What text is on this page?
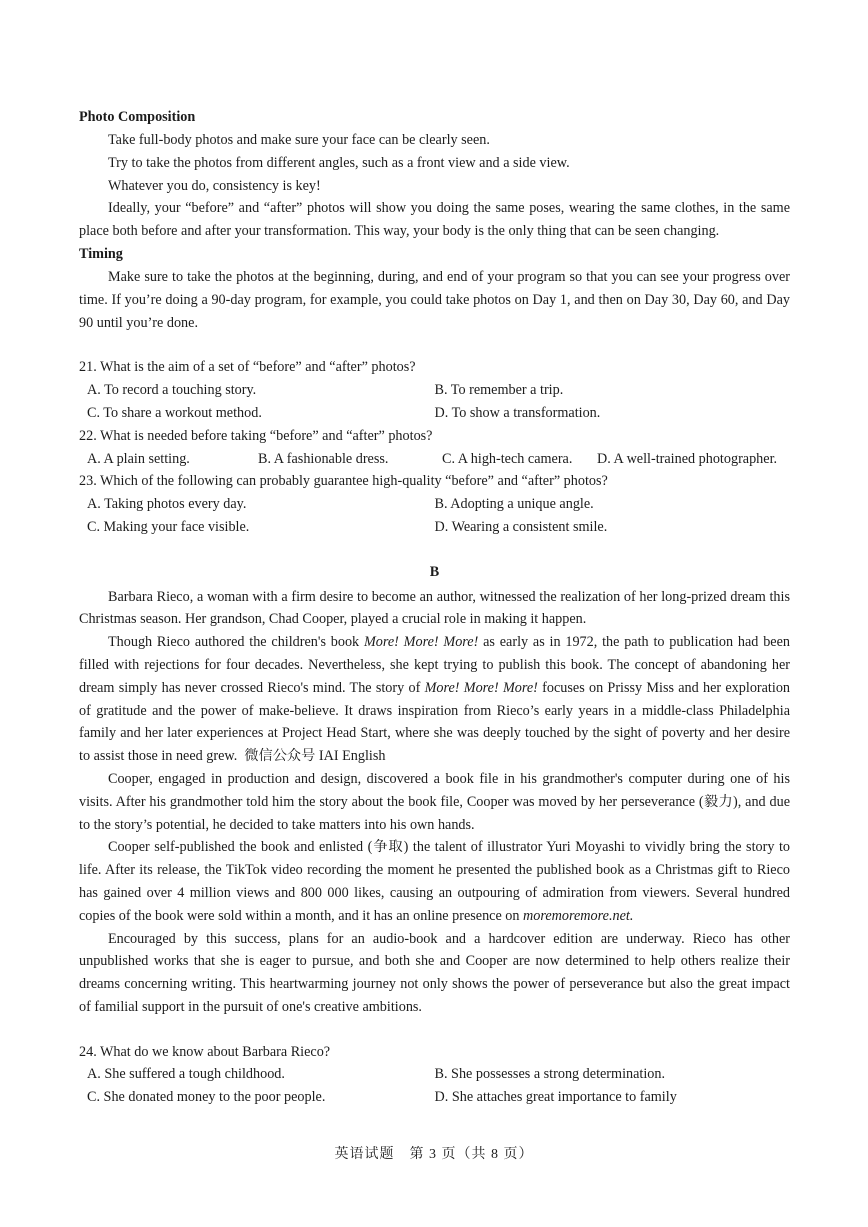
Photo Composition

Take full-body photos and make sure your face can be clearly seen.

Try to take the photos from different angles, such as a front view and a side view.

Whatever you do, consistency is key!

Ideally, your “before” and “after” photos will show you doing the same poses, wearing the same clothes, in the same place both before and after your transformation. This way, your body is the only thing that can be seen changing.

Timing

Make sure to take the photos at the beginning, during, and end of your program so that you can see your progress over time. If you’re doing a 90-day program, for example, you could take photos on Day 1, and then on Day 30, Day 60, and Day 90 until you’re done.

21. What is the aim of a set of “before” and “after” photos?

A. To record a touching story.	B. To remember a trip.
C. To share a workout method.	D. To show a transformation.

22. What is needed before taking “before” and “after” photos?

A. A plain setting.	B. A fashionable dress.	C. A high-tech camera.	D. A well-trained photographer.

23. Which of the following can probably guarantee high-quality “before” and “after” photos?

A. Taking photos every day.	B. Adopting a unique angle.
C. Making your face visible.	D. Wearing a consistent smile.

B

Barbara Rieco, a woman with a firm desire to become an author, witnessed the realization of her long-prized dream this Christmas season. Her grandson, Chad Cooper, played a crucial role in making it happen.

Though Rieco authored the children's book More! More! More! as early as in 1972, the path to publication had been filled with rejections for four decades. Nevertheless, she kept trying to publish this book. The concept of abandoning her dream simply has never crossed Rieco's mind. The story of More! More! More! focuses on Prissy Miss and her exploration of gratitude and the power of make-believe. It draws inspiration from Rieco’s early years in a middle-class Philadelphia family and her later experiences at Project Head Start, where she was deeply touched by the sight of poverty and her desire to assist those in need grew. 微信公众号 IAI English

Cooper, engaged in production and design, discovered a book file in his grandmother's computer during one of his visits. After his grandmother told him the story about the book file, Cooper was moved by her perseverance (毅力), and due to the story’s potential, he decided to take matters into his own hands.

Cooper self-published the book and enlisted (争取) the talent of illustrator Yuri Moyashi to vividly bring the story to life. After its release, the TikTok video recording the moment he presented the published book as a Christmas gift to Rieco has gained over 4 million views and 800 000 likes, causing an outpouring of admiration from viewers. Several hundred copies of the book were sold within a month, and it has an online presence on moremoremore.net.

Encouraged by this success, plans for an audio-book and a hardcover edition are underway. Rieco has other unpublished works that she is eager to pursue, and both she and Cooper are now determined to help others realize their dreams concerning writing. This heartwarming journey not only shows the power of perseverance but also the great impact of familial support in the pursuit of one's creative ambitions.

24. What do we know about Barbara Rieco?

A. She suffered a tough childhood.	B. She possesses a strong determination.
C. She donated money to the poor people.	D. She attaches great importance to family
英语试题　第 3 页（共 8 页）
